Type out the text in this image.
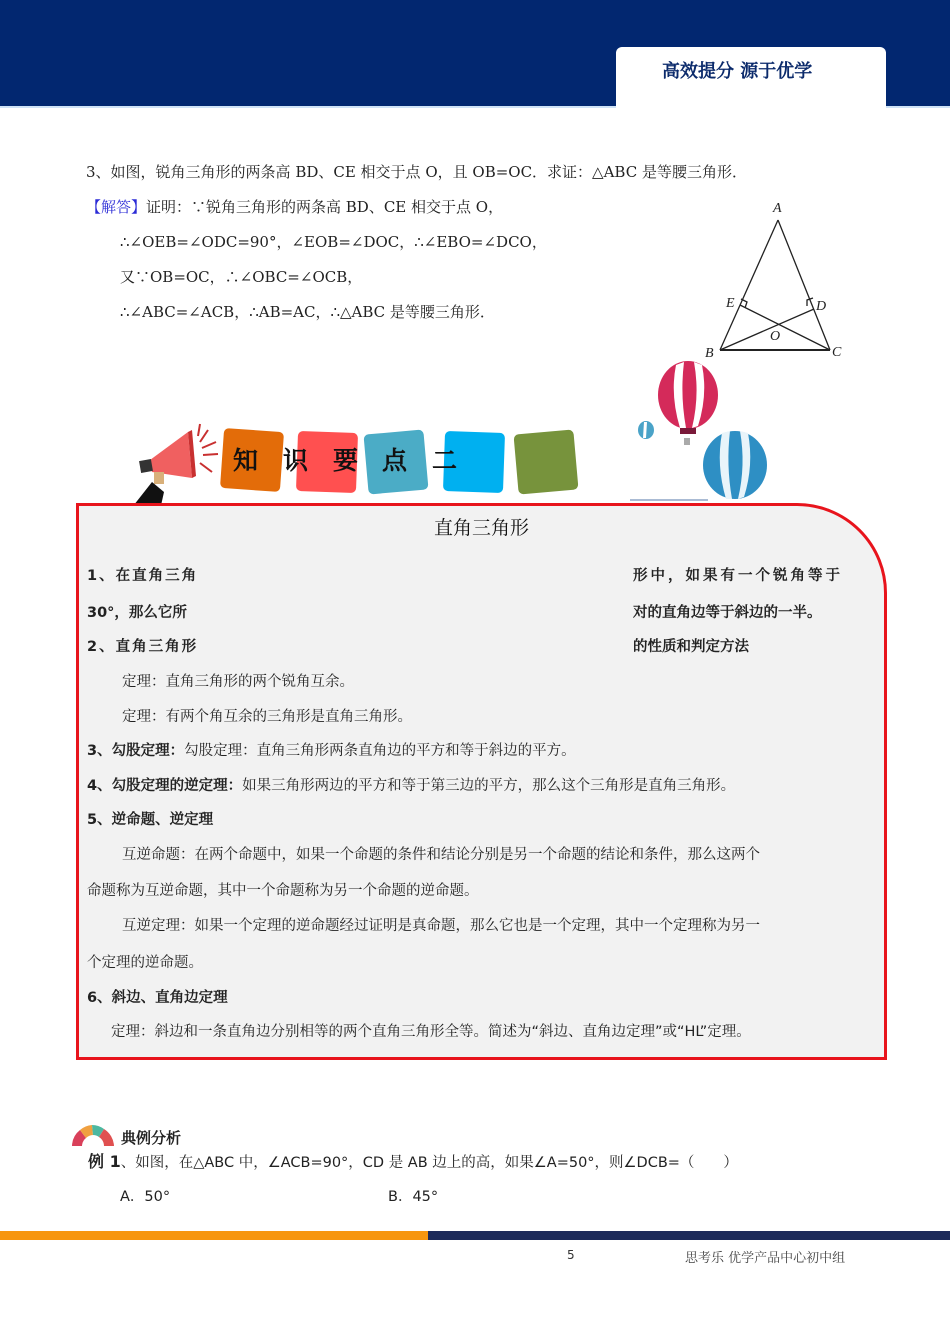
高效提分 源于优学
3、如图，锐角三角形的两条高 BD、CE 相交于点 O，且 OB=OC．求证：△ABC 是等腰三角形．
【解答】证明：∵锐角三角形的两条高 BD、CE 相交于点 O，
∴∠OEB=∠ODC=90°，∠EOB=∠DOC，∴∠EBO=∠DCO，
又∵OB=OC，∴∠OBC=∠OCB，
∴∠ABC=∠ACB，∴AB=AC，∴△ABC 是等腰三角形．
A
B	C
D
E
O
知 识 要 点 二
直角三角形
1、在直角三角	形中，如果有一个锐角等于
30°，那么它所	对的直角边等于斜边的一半。
2、直角三角形	的性质和判定方法
定理：直角三角形的两个锐角互余。
定理：有两个角互余的三角形是直角三角形。
3、勾股定理：勾股定理：直角三角形两条直角边的平方和等于斜边的平方。
4、勾股定理的逆定理：如果三角形两边的平方和等于第三边的平方，那么这个三角形是直角三角形。
5、逆命题、逆定理
互逆命题：在两个命题中，如果一个命题的条件和结论分别是另一个命题的结论和条件，那么这两个
命题称为互逆命题，其中一个命题称为另一个命题的逆命题。
互逆定理：如果一个定理的逆命题经过证明是真命题，那么它也是一个定理，其中一个定理称为另一
个定理的逆命题。
6、斜边、直角边定理
定理：斜边和一条直角边分别相等的两个直角三角形全等。简述为“斜边、直角边定理”或“HL”定理。
典例分析
例 1、如图，在△ABC 中，∠ACB=90°，CD 是 AB 边上的高，如果∠A=50°，则∠DCB=（　　）
A．50°	B．45°
5	思考乐 优学产品中心初中组
